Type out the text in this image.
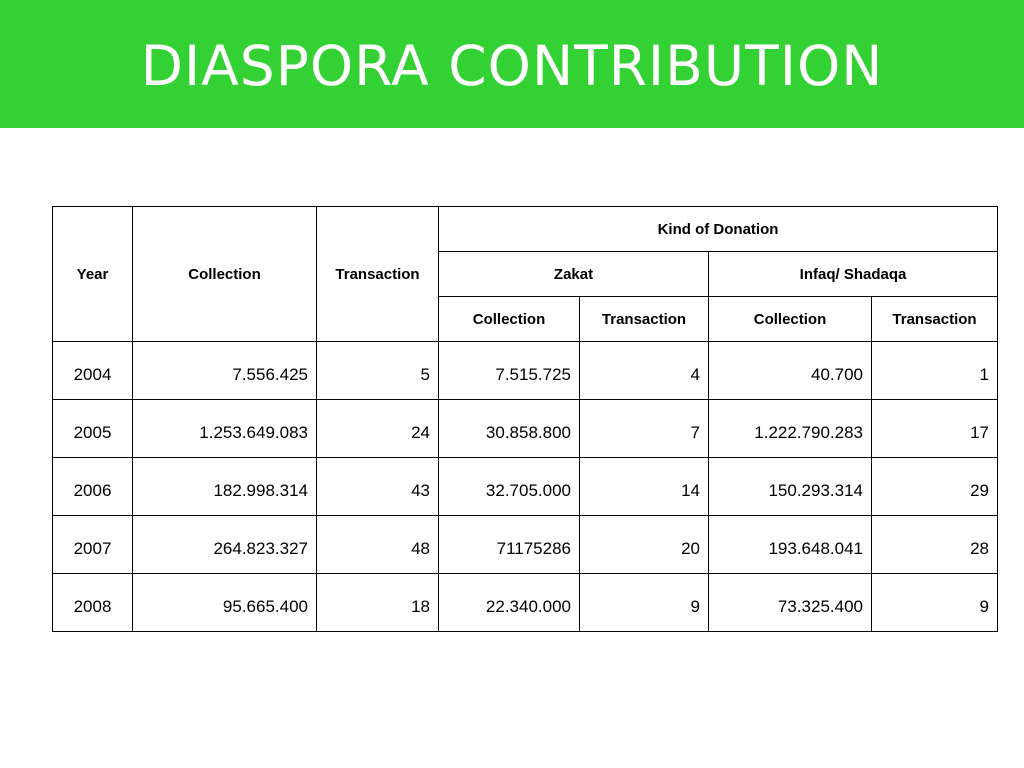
DIASPORA CONTRIBUTION
Year	Collection	Transaction	Kind of Donation			
			Zakat		Infaq/ Shadaqa	
			Collection	Transaction	Collection	Transaction
2004	7.556.425	5	7.515.725	4	40.700	1
2005	1.253.649.083	24	30.858.800	7	1.222.790.283	17
2006	182.998.314	43	32.705.000	14	150.293.314	29
2007	264.823.327	48	71175286	20	193.648.041	28
2008	95.665.400	18	22.340.000	9	73.325.400	9
